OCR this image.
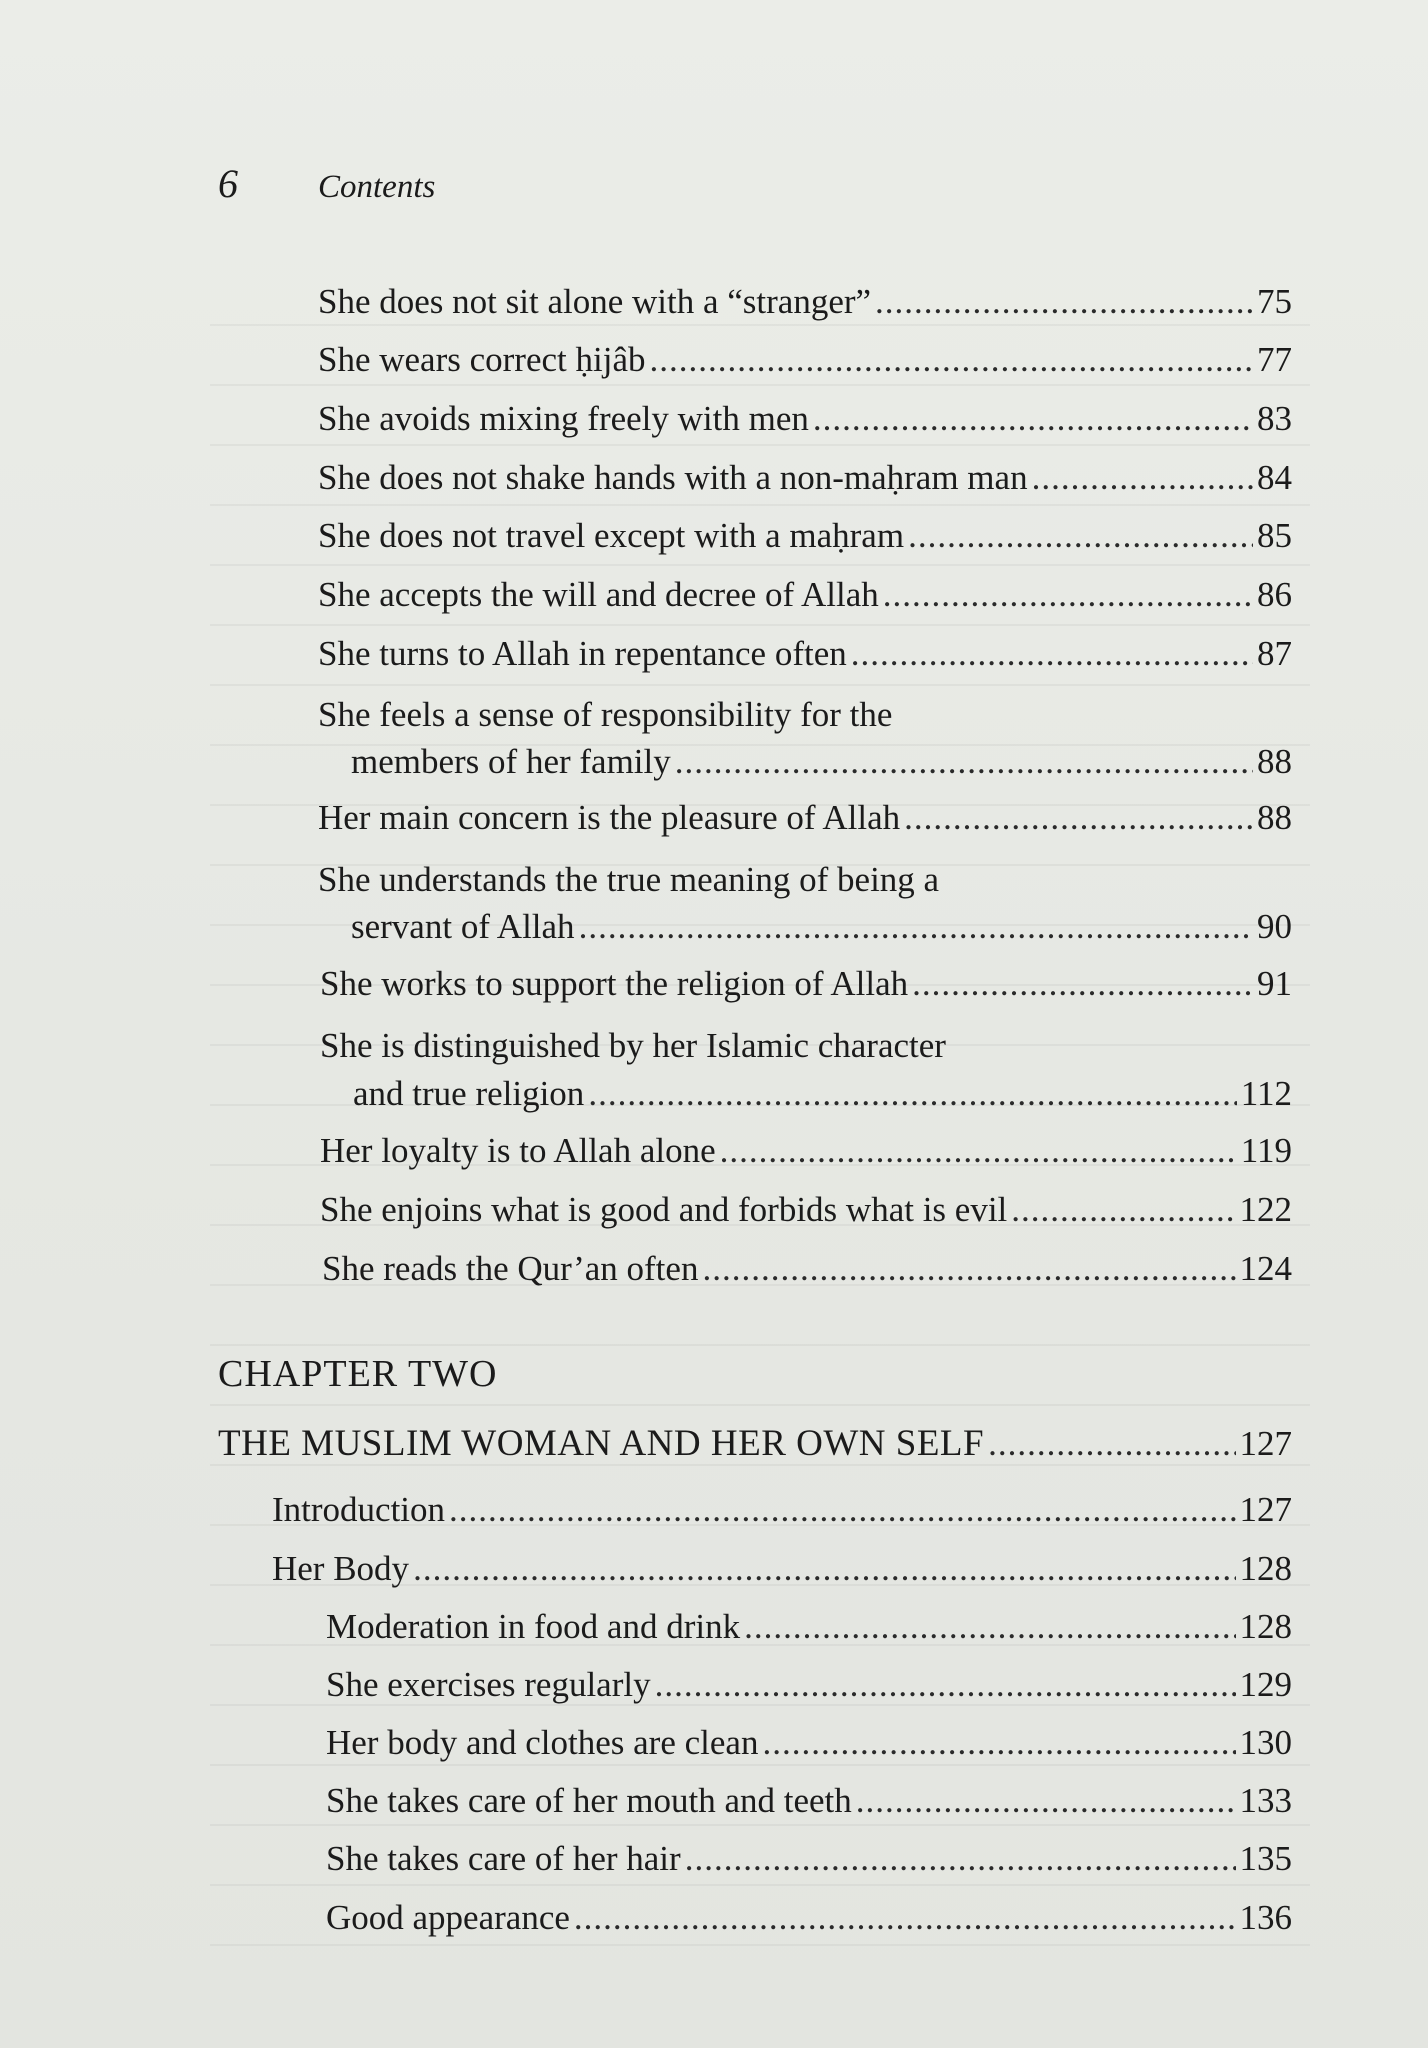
6	Contents
She does not sit alone with a “stranger” .....	75
She wears correct ḥijâb .....	77
She avoids mixing freely with men .....	83
She does not shake hands with a non-maḥram man .....	84
She does not travel except with a maḥram .....	85
She accepts the will and decree of Allah .....	86
She turns to Allah in repentance often .....	87
She feels a sense of responsibility for the
members of her family .....	88
Her main concern is the pleasure of Allah .....	88
She understands the true meaning of being a
servant of Allah .....	90
She works to support the religion of Allah .....	91
She is distinguished by her Islamic character
and true religion .....	112
Her loyalty is to Allah alone .....	119
She enjoins what is good and forbids what is evil .....	122
She reads the Qur’an often .....	124
CHAPTER TWO
THE MUSLIM WOMAN AND HER OWN SELF .....	127
Introduction .....	127
Her Body .....	128
Moderation in food and drink .....	128
She exercises regularly .....	129
Her body and clothes are clean .....	130
She takes care of her mouth and teeth .....	133
She takes care of her hair .....	135
Good appearance .....	136
